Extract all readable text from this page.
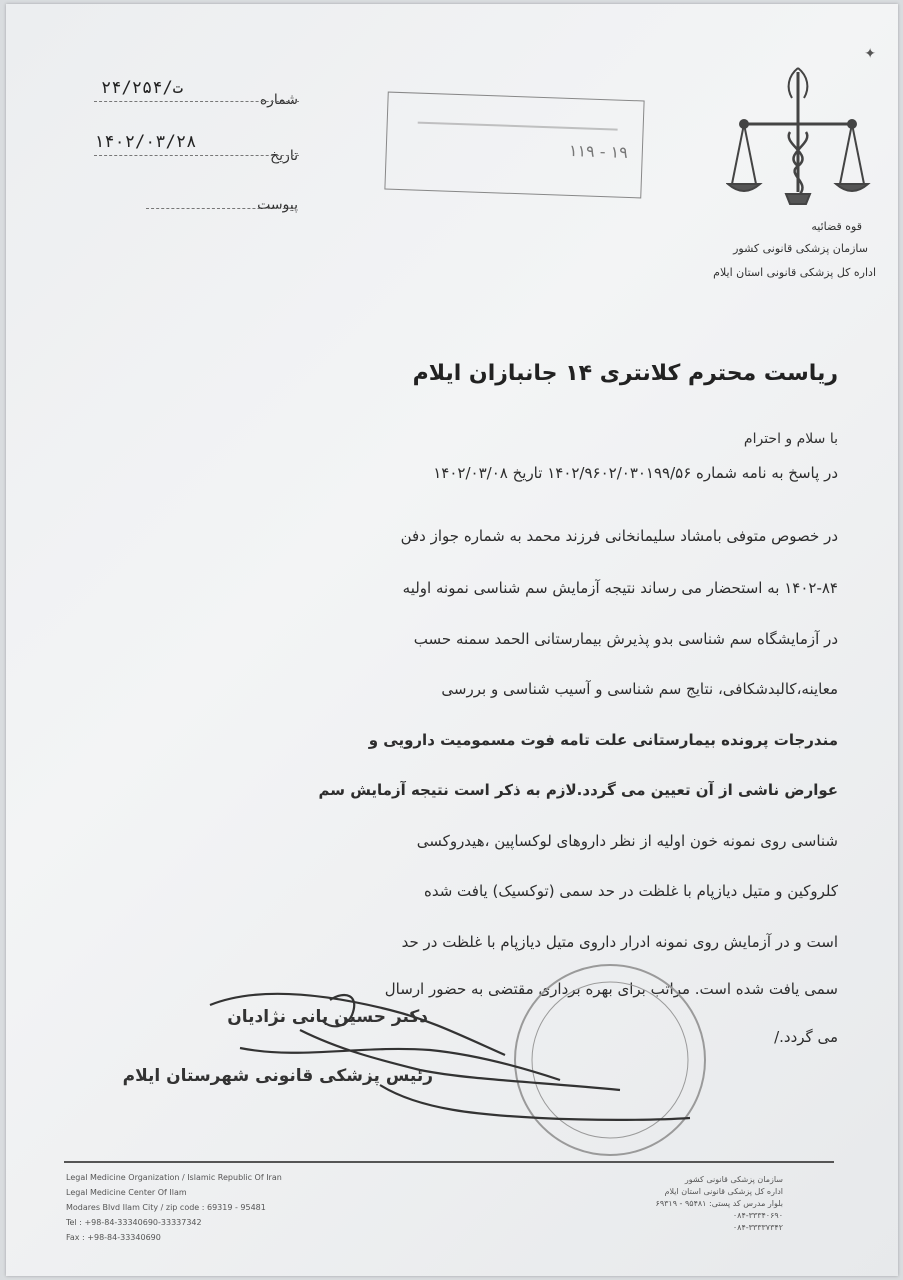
✦
شماره
۲۴/ت/۲۵۴
تاریخ
۱۴۰۲/۰۳/۲۸
پیوست
۱۱۹ - ۱۹
قوه قضائیه
سازمان پزشکی قانونی کشور
اداره کل پزشکی قانونی استان ایلام
ریاست محترم کلانتری ۱۴ جانبازان ایلام
با سلام و احترام
در پاسخ به نامه شماره ۱۴۰۲/۹۶۰۲/۰۳۰۱۹۹/۵۶ تاریخ ۱۴۰۲/۰۳/۰۸
در خصوص متوفی بامشاد سلیمانخانی فرزند محمد به شماره جواز دفن
۱۴۰۲-۸۴ به استحضار می رساند نتیجه آزمایش سم شناسی نمونه اولیه
در آزمایشگاه سم شناسی بدو پذیرش بیمارستانی الحمد سمنه حسب
معاینه،کالبدشکافی، نتایج سم شناسی و آسیب شناسی و بررسی
مندرجات پرونده بیمارستانی علت تامه فوت مسمومیت دارویی و
عوارض ناشی از آن تعیین می گردد.لازم به ذکر است نتیجه آزمایش سم
شناسی روی نمونه خون اولیه از نظر داروهای لوکساپین ،هیدروکسی
کلروکین و متیل دیازپام با غلظت در حد سمی (توکسیک) یافت شده
است و در آزمایش روی نمونه ادرار داروی متیل دیازپام با غلظت در حد
سمی یافت شده است. مراتب برای بهره برداری مقتضی به حضور ارسال
می گردد./
دکتر حسین بانی نژادیان
رئیس پزشکی قانونی شهرستان ایلام
Legal Medicine Organization / Islamic Republic Of Iran
Legal Medicine Center Of Ilam
Modares Blvd Ilam City / zip code : 69319 - 95481
Tel : +98-84-33340690-33337342
Fax : +98-84-33340690
سازمان پزشکی قانونی کشور
اداره کل پزشکی قانونی استان ایلام
بلوار مدرس کد پستی: ۹۵۴۸۱ - ۶۹۳۱۹
۰۸۴-۳۳۳۴۰۶۹۰
۰۸۴-۳۳۳۳۷۳۴۲
